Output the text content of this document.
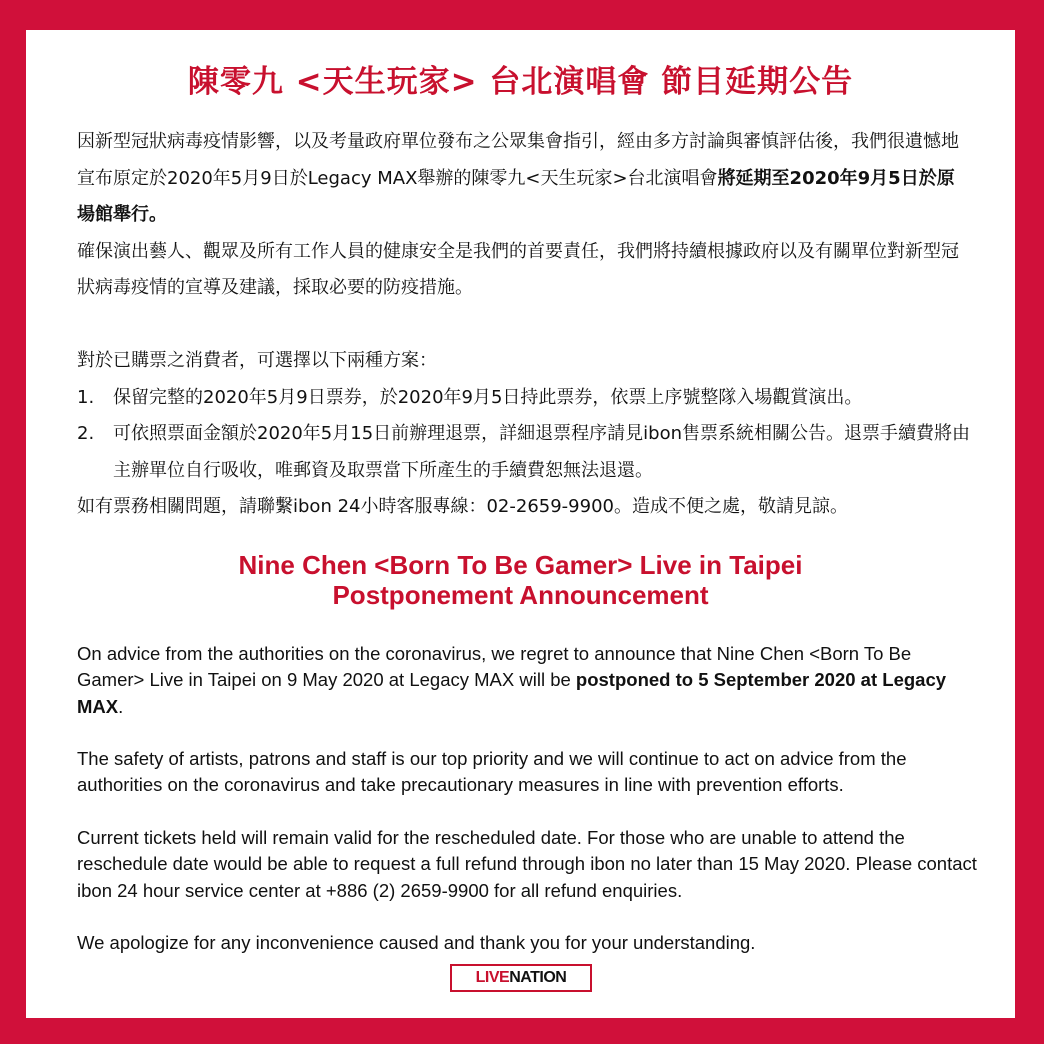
陳零九 <天生玩家> 台北演唱會 節目延期公告

因新型冠狀病毒疫情影響，以及考量政府單位發布之公眾集會指引，經由多方討論與審慎評估後，我們很遺憾地宣布原定於2020年5月9日於Legacy MAX舉辦的陳零九<天生玩家>台北演唱會將延期至2020年9月5日於原場館舉行。

確保演出藝人、觀眾及所有工作人員的健康安全是我們的首要責任，我們將持續根據政府以及有關單位對新型冠狀病毒疫情的宣導及建議，採取必要的防疫措施。

對於已購票之消費者，可選擇以下兩種方案：

1.	保留完整的2020年5月9日票券，於2020年9月5日持此票券，依票上序號整隊入場觀賞演出。
2.	可依照票面金額於2020年5月15日前辦理退票，詳細退票程序請見ibon售票系統相關公告。退票手續費將由主辦單位自行吸收，唯郵資及取票當下所產生的手續費恕無法退還。

如有票務相關問題，請聯繫ibon 24小時客服專線：02-2659-9900。造成不便之處，敬請見諒。

Nine Chen <Born To Be Gamer> Live in Taipei
Postponement Announcement

On advice from the authorities on the coronavirus, we regret to announce that Nine Chen <Born To Be Gamer> Live in Taipei on 9 May 2020 at Legacy MAX will be postponed to 5 September 2020 at Legacy MAX.

The safety of artists, patrons and staff is our top priority and we will continue to act on advice from the authorities on the coronavirus and take precautionary measures in line with prevention efforts.

Current tickets held will remain valid for the rescheduled date. For those who are unable to attend the reschedule date would be able to request a full refund through ibon no later than 15 May 2020. Please contact ibon 24 hour service center at +886 (2) 2659-9900 for all refund enquiries.

We apologize for any inconvenience caused and thank you for your understanding.

LIVE NATION
